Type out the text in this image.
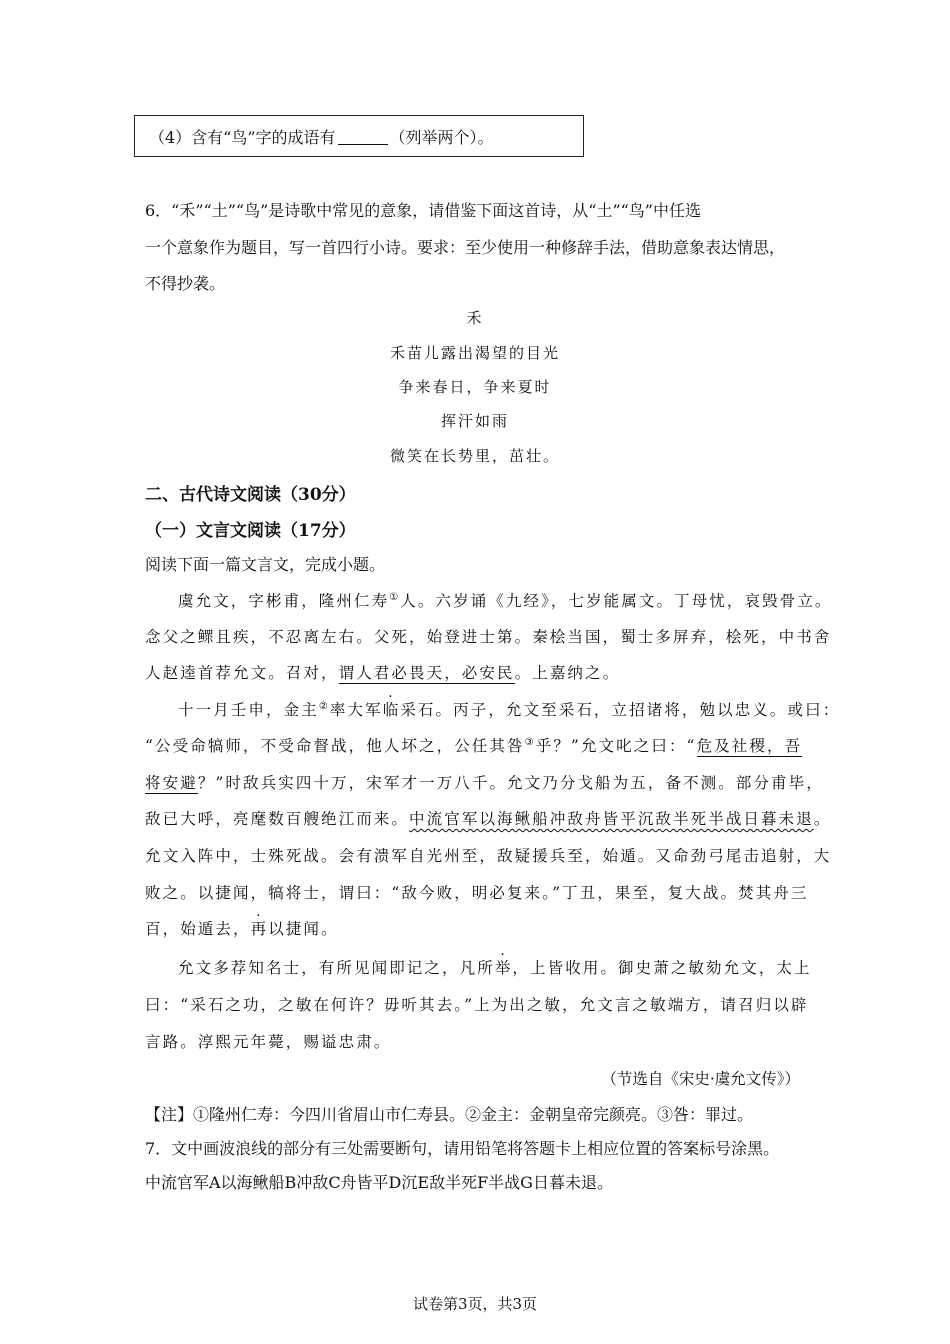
（4）含有“鸟”字的成语有	（列举两个）。
6．“禾”“土”“鸟”是诗歌中常见的意象，请借鉴下面这首诗，从“土”“鸟”中任选
一个意象作为题目，写一首四行小诗。要求：至少使用一种修辞手法，借助意象表达情思，
不得抄袭。
禾
禾苗儿露出渴望的目光
争来春日，争来夏时
挥汗如雨
微笑在长势里，茁壮。
二、古代诗文阅读（30分）
（一）文言文阅读（17分）
阅读下面一篇文言文，完成小题。
虞允文，字彬甫，隆州仁寿①人。六岁诵《九经》，七岁能属文。丁母忧，哀毁骨立。
念父之鳏且疾，不忍离左右。父死，始登进士第。秦桧当国，蜀士多屏弃，桧死，中书舍
人赵逵首荐允文。召对，谓人君必畏天，必安民。上嘉纳之。
十一月壬申，金主②率大军临采石。丙子，允文至采石，立招诸将，勉以忠义。或曰：
“公受命犒师，不受命督战，他人坏之，公任其咎③乎？”允文叱之曰：“危及社稷，吾
将安避？”时敌兵实四十万，宋军才一万八千。允文乃分戈船为五，备不测。部分甫毕，
敌已大呼，亮麾数百艘绝江而来。中流官军以海鳅船冲敌舟皆平沉敌半死半战日暮未退。
允文入阵中，士殊死战。会有溃军自光州至，敌疑援兵至，始遁。又命劲弓尾击追射，大
败之。以捷闻，犒将士，谓曰：“敌今败，明必复来。”丁丑，果至，复大战。焚其舟三
百，始遁去，再以捷闻。
允文多荐知名士，有所见闻即记之，凡所举，上皆收用。御史萧之敏劾允文，太上
曰：“采石之功，之敏在何许？毋听其去。”上为出之敏，允文言之敏端方，请召归以辟
言路。淳熙元年薨，赐谥忠肃。
（节选自《宋史·虞允文传》）
【注】①隆州仁寿：今四川省眉山市仁寿县。②金主：金朝皇帝完颜亮。③咎：罪过。
7．文中画波浪线的部分有三处需要断句，请用铅笔将答题卡上相应位置的答案标号涂黑。
中流官军A以海鳅船B冲敌C舟皆平D沉E敌半死F半战G日暮未退。
试卷第3页，共3页
